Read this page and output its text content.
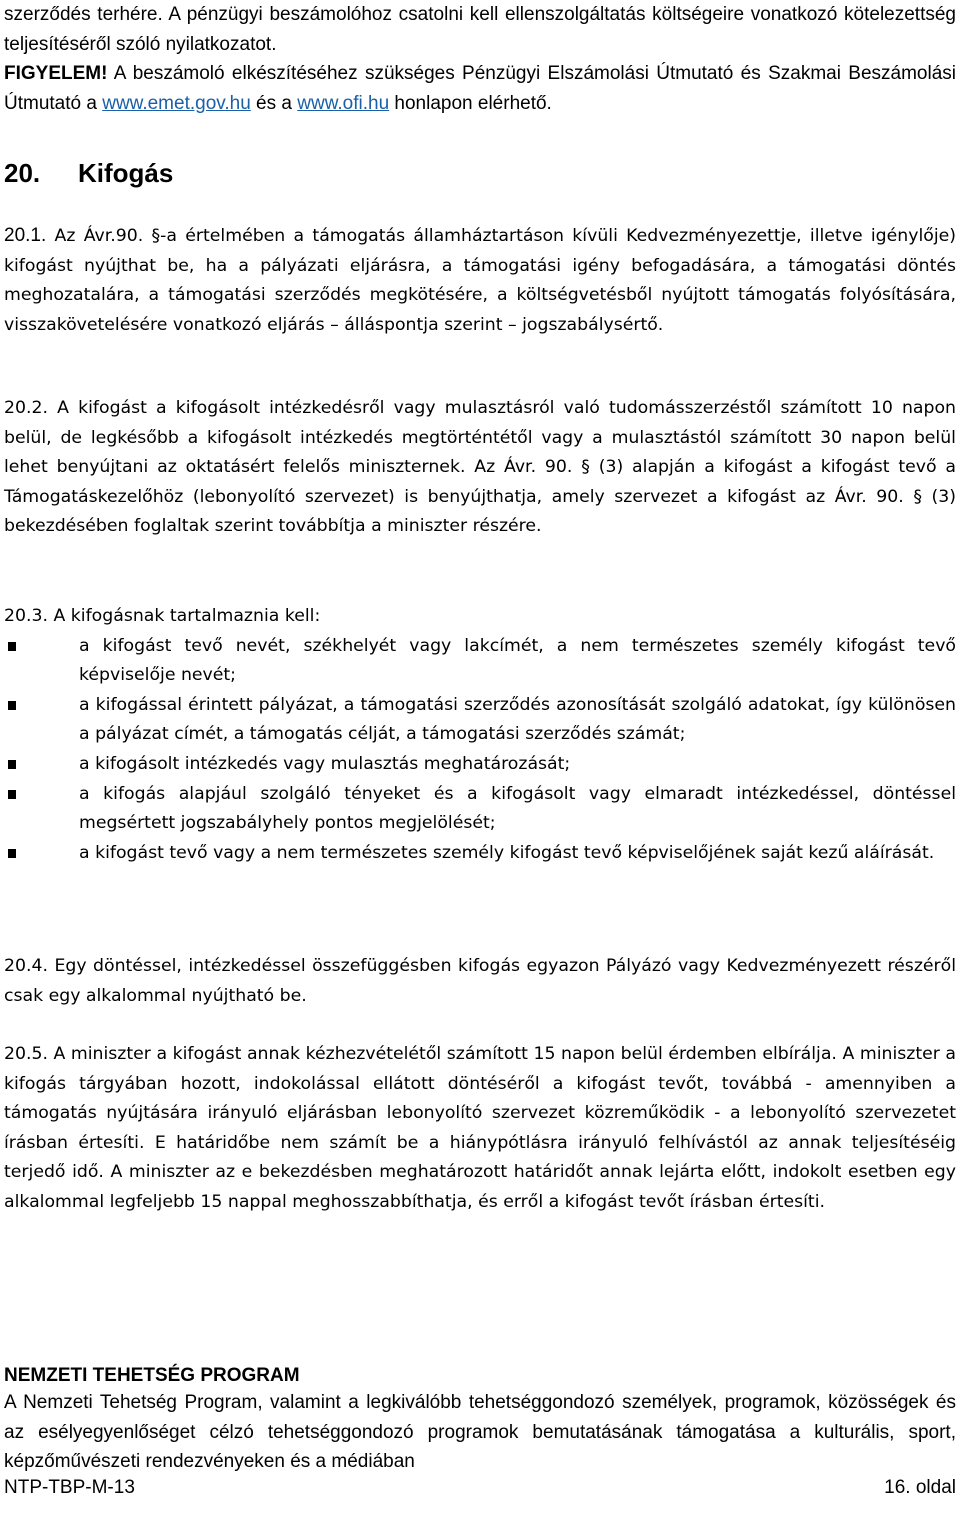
szerződés terhére. A pénzügyi beszámolóhoz csatolni kell ellenszolgáltatás költségeire vonatkozó kötelezettség teljesítéséről szóló nyilatkozatot.

FIGYELEM! A beszámoló elkészítéséhez szükséges Pénzügyi Elszámolási Útmutató és Szakmai Beszámolási Útmutató a www.emet.gov.hu és a www.ofi.hu honlapon elérhető.

20. Kifogás

20.1. Az Ávr.90. §-a értelmében a támogatás államháztartáson kívüli Kedvezményezettje, illetve igénylője) kifogást nyújthat be, ha a pályázati eljárásra, a támogatási igény befogadására, a támogatási döntés meghozatalára, a támogatási szerződés megkötésére, a költségvetésből nyújtott támogatás folyósítására, visszakövetelésére vonatkozó eljárás – álláspontja szerint – jogszabálysértő.

20.2. A kifogást a kifogásolt intézkedésről vagy mulasztásról való tudomásszerzéstől számított 10 napon belül, de legkésőbb a kifogásolt intézkedés megtörténtétől vagy a mulasztástól számított 30 napon belül lehet benyújtani az oktatásért felelős miniszternek. Az Ávr. 90. § (3) alapján a kifogást a kifogást tevő a Támogatáskezelőhöz (lebonyolító szervezet) is benyújthatja, amely szervezet a kifogást az Ávr. 90. § (3) bekezdésében foglaltak szerint továbbítja a miniszter részére.

20.3. A kifogásnak tartalmaznia kell:

a kifogást tevő nevét, székhelyét vagy lakcímét, a nem természetes személy kifogást tevő képviselője nevét;
a kifogással érintett pályázat, a támogatási szerződés azonosítását szolgáló adatokat, így különösen a pályázat címét, a támogatás célját, a támogatási szerződés számát;
a kifogásolt intézkedés vagy mulasztás meghatározását;
a kifogás alapjául szolgáló tényeket és a kifogásolt vagy elmaradt intézkedéssel, döntéssel megsértett jogszabályhely pontos megjelölését;
a kifogást tevő vagy a nem természetes személy kifogást tevő képviselőjének saját kezű aláírását.

20.4. Egy döntéssel, intézkedéssel összefüggésben kifogás egyazon Pályázó vagy Kedvezményezett részéről csak egy alkalommal nyújtható be.

20.5. A miniszter a kifogást annak kézhezvételétől számított 15 napon belül érdemben elbírálja. A miniszter a kifogás tárgyában hozott, indokolással ellátott döntéséről a kifogást tevőt, továbbá - amennyiben a támogatás nyújtására irányuló eljárásban lebonyolító szervezet közreműködik - a lebonyolító szervezetet írásban értesíti. E határidőbe nem számít be a hiánypótlásra irányuló felhívástól az annak teljesítéséig terjedő idő. A miniszter az e bekezdésben meghatározott határidőt annak lejárta előtt, indokolt esetben egy alkalommal legfeljebb 15 nappal meghosszabbíthatja, és erről a kifogást tevőt írásban értesíti.

NEMZETI TEHETSÉG PROGRAM

A Nemzeti Tehetség Program, valamint a legkiválóbb tehetséggondozó személyek, programok, közösségek és az esélyegyenlőséget célzó tehetséggondozó programok bemutatásának támogatása a kulturális, sport, képzőművészeti rendezvényeken és a médiában

NTP-TBP-M-13	16. oldal
